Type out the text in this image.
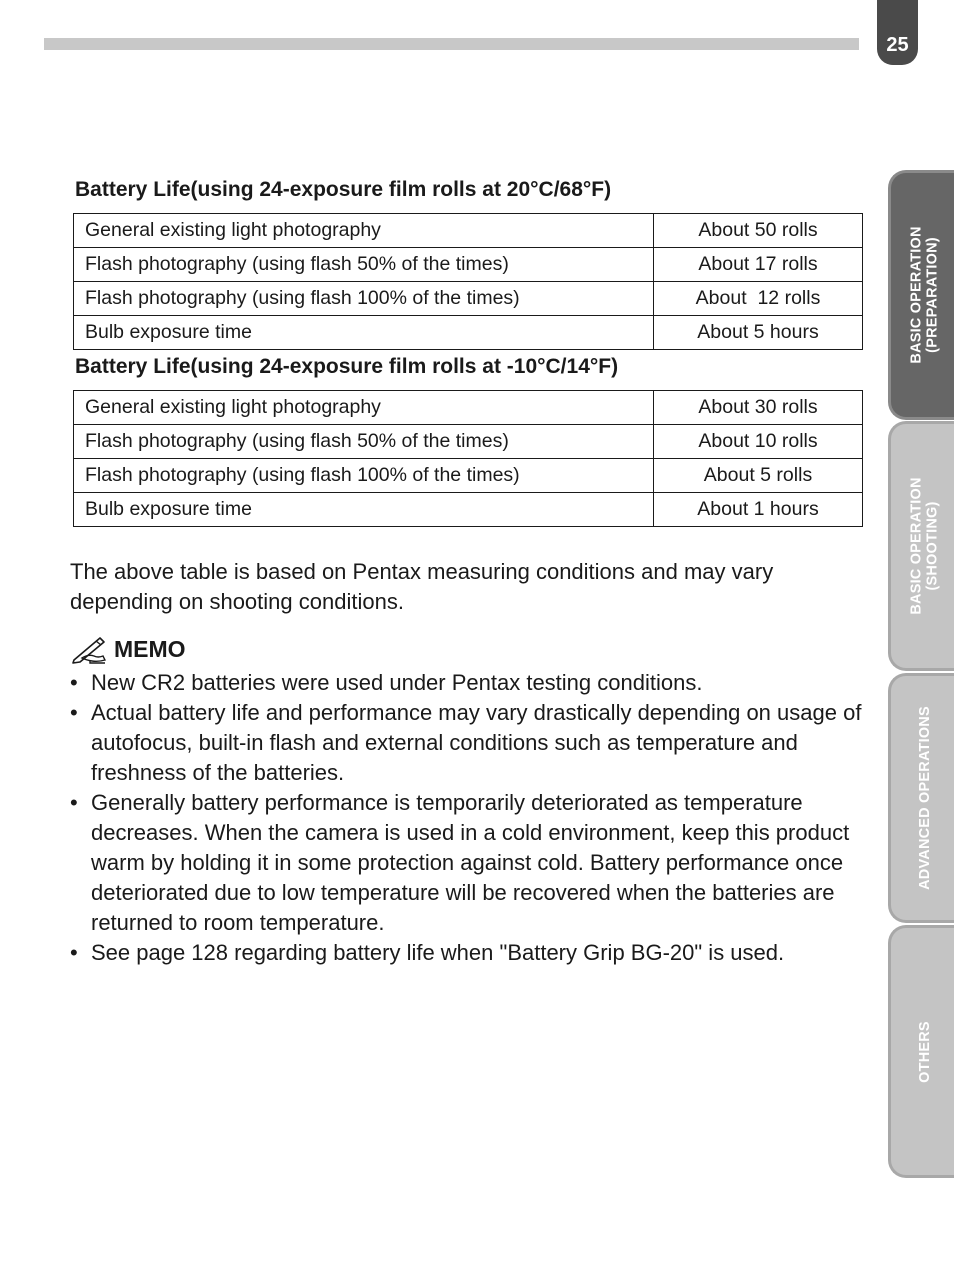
25
BASIC OPERATION
(PREPARATION)
BASIC OPERATION
(SHOOTING)
ADVANCED OPERATIONS
OTHERS
Battery Life(using 24-exposure film rolls at 20°C/68°F)
General existing light photography	About 50 rolls
Flash photography (using flash 50% of the times)	About 17 rolls
Flash photography (using flash 100% of the times)	About  12 rolls
Bulb exposure time	About 5 hours
Battery Life(using 24-exposure film rolls at -10°C/14°F)
General existing light photography	About 30 rolls
Flash photography (using flash 50% of the times)	About 10 rolls
Flash photography (using flash 100% of the times)	About 5 rolls
Bulb exposure time	About 1 hours

The above table is based on Pentax measuring conditions and may vary depending on shooting conditions.

MEMO
• New CR2 batteries were used under Pentax testing conditions.
• Actual battery life and performance may vary drastically depending on usage of autofocus, built-in flash and external conditions such as temperature and freshness of the batteries.
• Generally battery performance is temporarily deteriorated as temperature decreases. When the camera is used in a cold environment, keep this product warm by holding it in some protection against cold. Battery performance once deteriorated due to low temperature will be recovered when the batteries are returned to room temperature.
• See page 128 regarding battery life when "Battery Grip BG-20" is used.
